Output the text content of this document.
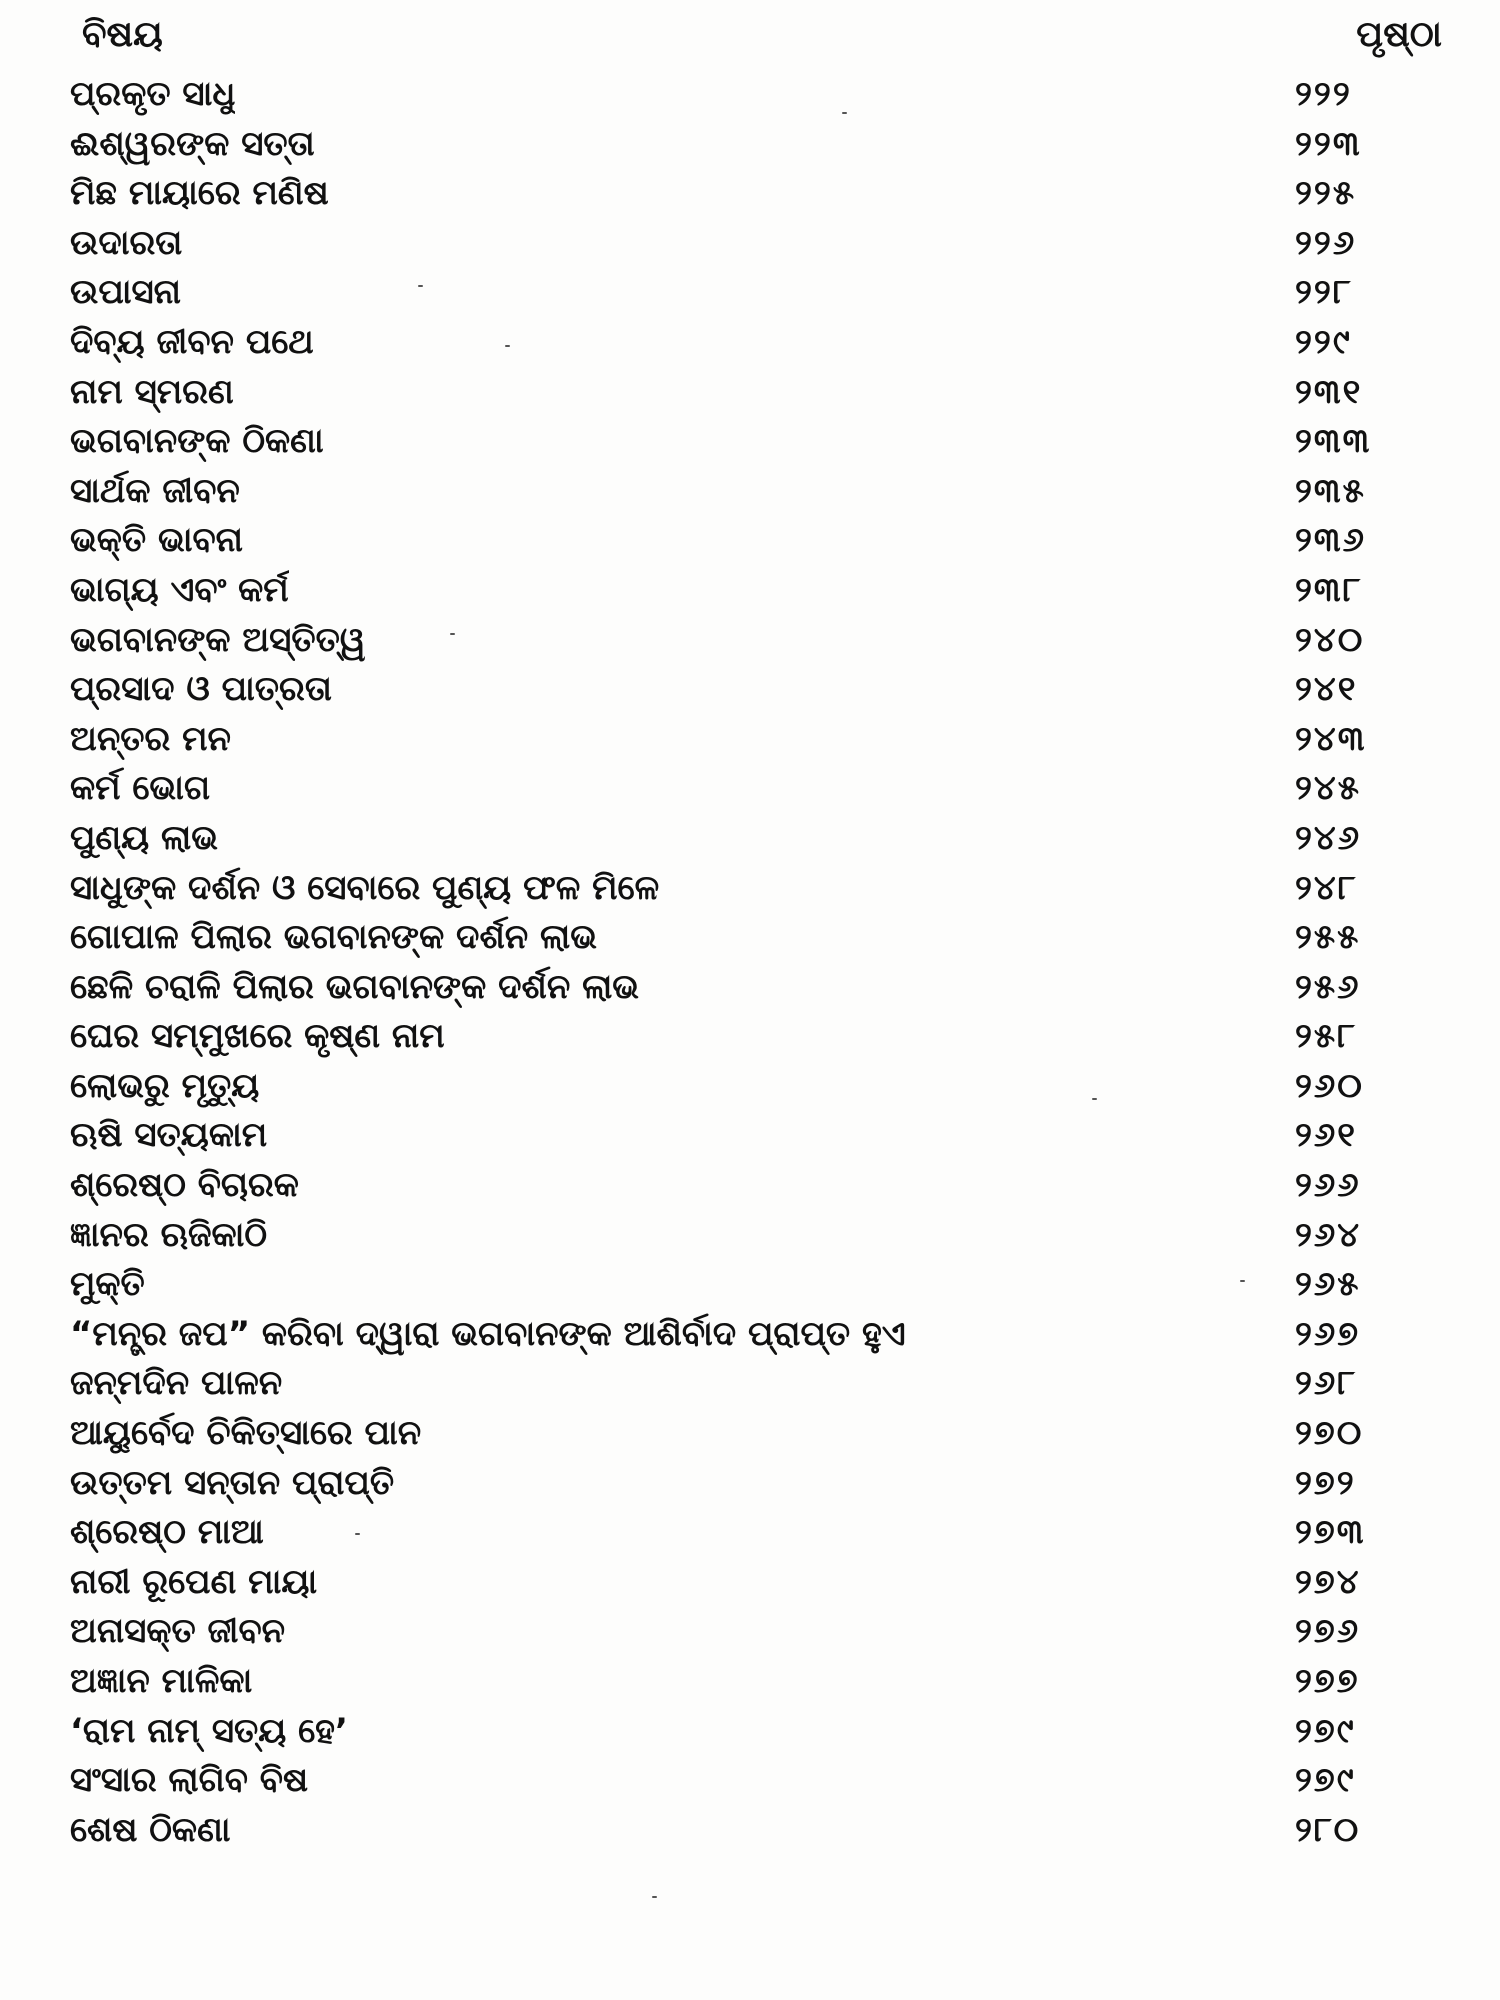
ବିଷୟ	ପୃଷ୍ଠା
ପ୍ରକୃତ ସାଧୁ	୨୨୨
ଈଶ୍ୱରଙ୍କ ସତ୍ତା	୨୨୩
ମିଛ ମାୟାରେ ମଣିଷ	୨୨୫
ଉଦାରତା	୨୨୬
ଉପାସନା	୨୨୮
ଦିବ୍ୟ ଜୀବନ ପଥେ	୨୨୯
ନାମ ସ୍ମରଣ	୨୩୧
ଭଗବାନଙ୍କ ଠିକଣା	୨୩୩
ସାର୍ଥକ ଜୀବନ	୨୩୫
ଭକ୍ତି ଭାବନା	୨୩୬
ଭାଗ୍ୟ ଏବଂ କର୍ମ	୨୩୮
ଭଗବାନଙ୍କ ଅସ୍ତିତ୍ୱ	୨୪୦
ପ୍ରସାଦ ଓ ପାତ୍ରତା	୨୪୧
ଅନ୍ତର ମନ	୨୪୩
କର୍ମ ଭୋଗ	୨୪୫
ପୁଣ୍ୟ ଲାଭ	୨୪୬
ସାଧୁଙ୍କ ଦର୍ଶନ ଓ ସେବାରେ ପୁଣ୍ୟ ଫଳ ମିଳେ	୨୪୮
ଗୋପାଳ ପିଲାର ଭଗବାନଙ୍କ ଦର୍ଶନ ଲାଭ	୨୫୫
ଛେଳି ଚରାଳି ପିଲାର ଭଗବାନଙ୍କ ଦର୍ଶନ ଲାଭ	୨୫୬
ଘେର ସମ୍ମୁଖରେ କୃଷ୍ଣ ନାମ	୨୫୮
ଲୋଭରୁ ମୃତ୍ୟୁ	୨୬୦
ଋଷି ସତ୍ୟକାମ	୨୬୧
ଶ୍ରେଷ୍ଠ ବିଚାରକ	୨୬୬
ଜ୍ଞାନର ଋଜିକାଠି	୨୬୪
ମୁକ୍ତି	୨୬୫
“ମନ୍ତ୍ର ଜପ” କରିବା ଦ୍ୱାରା ଭଗବାନଙ୍କ ଆଶିର୍ବାଦ ପ୍ରାପ୍ତ ହୁଏ	୨୬୭
ଜନ୍ମଦିନ ପାଳନ	୨୬୮
ଆୟୁର୍ବେଦ ଚିକିତ୍ସାରେ ପାନ	୨୭୦
ଉତ୍ତମ ସନ୍ତାନ ପ୍ରାପ୍ତି	୨୭୨
ଶ୍ରେଷ୍ଠ ମାଆ	୨୭୩
ନାରୀ ରୂପେଣ ମାୟା	୨୭୪
ଅନାସକ୍ତ ଜୀବନ	୨୭୬
ଅଜ୍ଞାନ ମାଳିକା	୨୭୭
‘ରାମ ନାମ୍ ସତ୍ୟ ହେ’	୨୭୯
ସଂସାର ଲାଗିବ ବିଷ	୨୭୯
ଶେଷ ଠିକଣା	୨୮୦
